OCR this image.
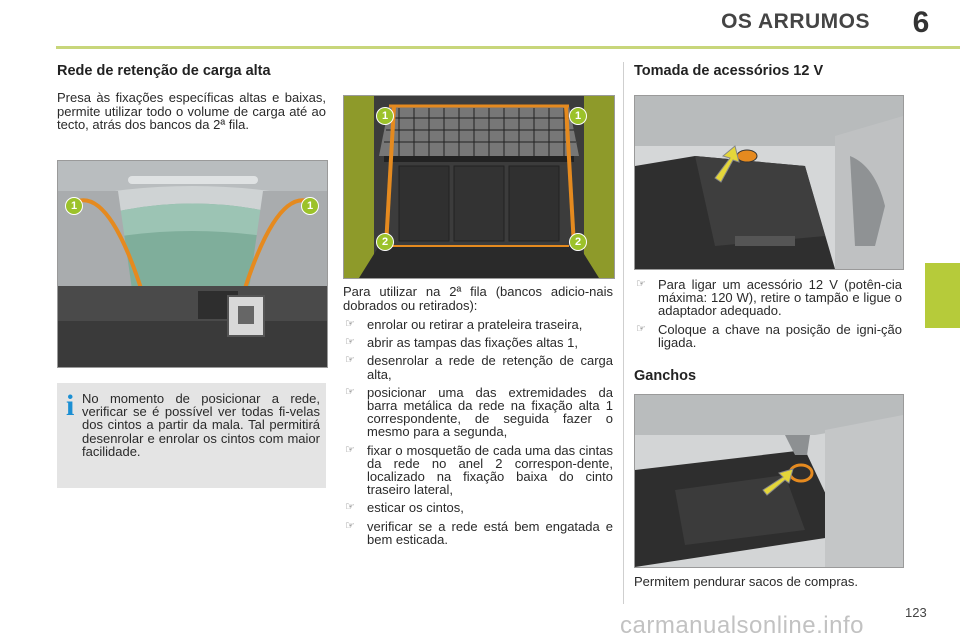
OS ARRUMOS	6
Rede de retenção de carga alta
Presa às fixações específicas altas e baixas, permite utilizar todo o volume de carga até ao tecto, atrás dos bancos da 2ª fila.
1	1
i No momento de posicionar a rede, verificar se é possível ver todas fi-velas dos cintos a partir da mala. Tal permitirá desenrolar e enrolar os cintos com maior facilidade.
1	1
2	2
Para utilizar na 2ª fila (bancos adicio-nais dobrados ou retirados):
☞ enrolar ou retirar a prateleira traseira,
☞ abrir as tampas das fixações altas 1,
☞ desenrolar a rede de retenção de carga alta,
☞ posicionar uma das extremidades da barra metálica da rede na fixação alta 1 correspondente, de seguida fazer o mesmo para a segunda,
☞ fixar o mosquetão de cada uma das cintas da rede no anel 2 correspon-dente, localizado na fixação baixa do cinto traseiro lateral,
☞ esticar os cintos,
☞ verificar se a rede está bem engatada e bem esticada.
Tomada de acessórios 12 V
☞ Para ligar um acessório 12 V (potên-cia máxima: 120 W), retire o tampão e ligue o adaptador adequado.
☞ Coloque a chave na posição de igni-ção ligada.
Ganchos
Permitem pendurar sacos de compras.
123
carmanualsonline.info
